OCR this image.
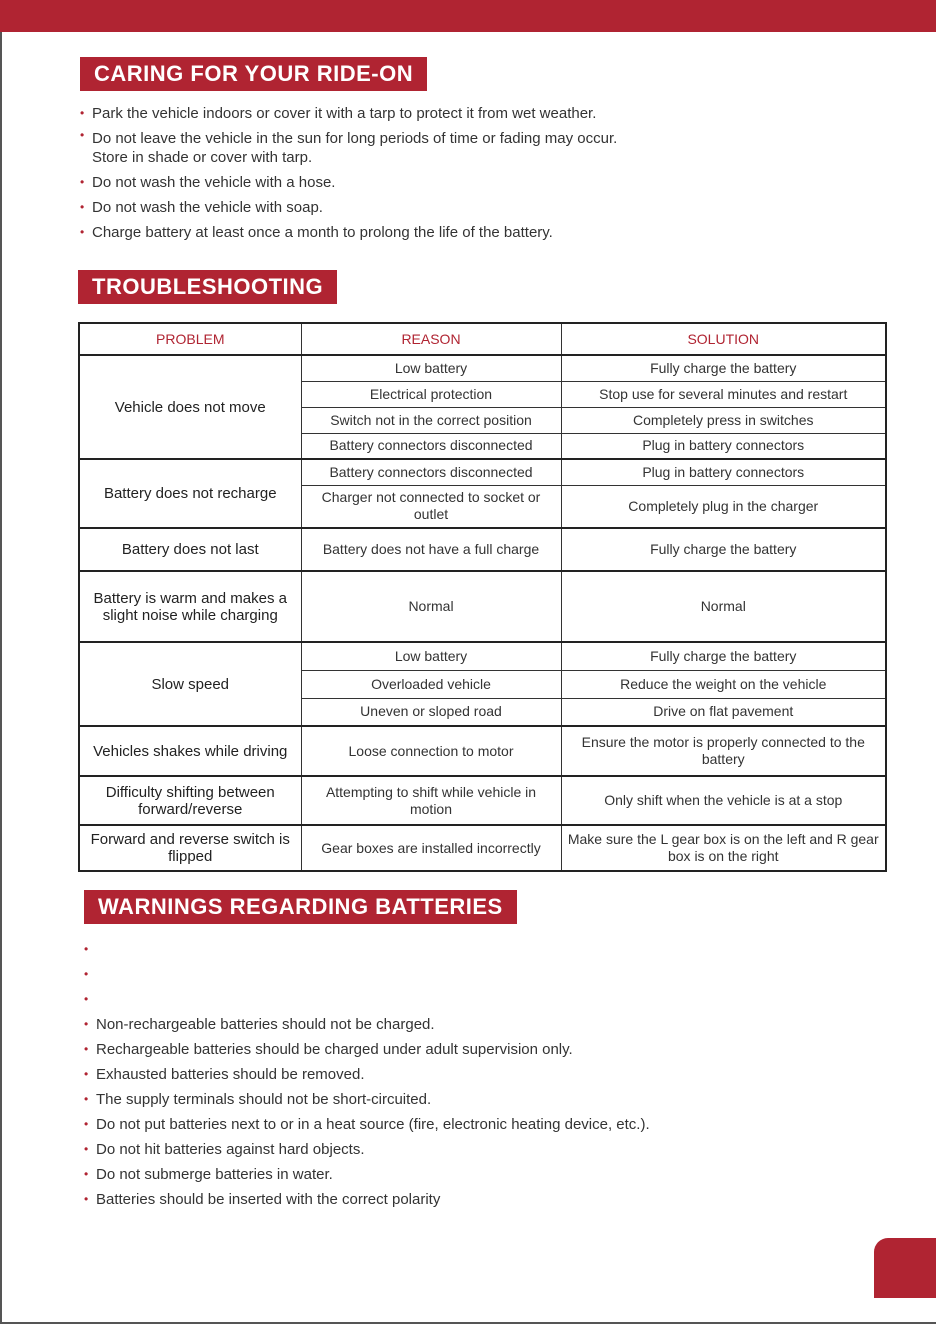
CARING FOR YOUR RIDE-ON
• Park the vehicle indoors or cover it with a tarp to protect it from wet weather.
• Do not leave the vehicle in the sun for long periods of time or fading may occur.
Store in shade or cover with tarp.
• Do not wash the vehicle with a hose.
• Do not wash the vehicle with soap.
• Charge battery at least once a month to prolong the life of the battery.
TROUBLESHOOTING
PROBLEM	REASON	SOLUTION
Vehicle does not move	Low battery	Fully charge the battery
	Electrical protection	Stop use for several minutes and restart
	Switch not in the correct position	Completely press in switches
	Battery connectors disconnected	Plug in battery connectors
Battery does not recharge	Battery connectors disconnected	Plug in battery connectors
	Charger not connected to socket or outlet	Completely plug in the charger
Battery does not last	Battery does not have a full charge	Fully charge the battery
Battery is warm and makes a slight noise while charging	Normal	Normal
Slow speed	Low battery	Fully charge the battery
	Overloaded vehicle	Reduce the weight on the vehicle
	Uneven or sloped road	Drive on flat pavement
Vehicles shakes while driving	Loose connection to motor	Ensure the motor is properly connected to the battery
Difficulty shifting between forward/reverse	Attempting to shift while vehicle in motion	Only shift when the vehicle is at a stop
Forward and reverse switch is flipped	Gear boxes are installed incorrectly	Make sure the L gear box is on the left and R gear box is on the right
WARNINGS REGARDING BATTERIES
•
•
•
• Non-rechargeable batteries should not be charged.
• Rechargeable batteries should be charged under adult supervision only.
• Exhausted batteries should be removed.
• The supply terminals should not be short-circuited.
• Do not put batteries next to or in a heat source (fire, electronic heating device, etc.).
• Do not hit batteries against hard objects.
• Do not submerge batteries in water.
• Batteries should be inserted with the correct polarity
